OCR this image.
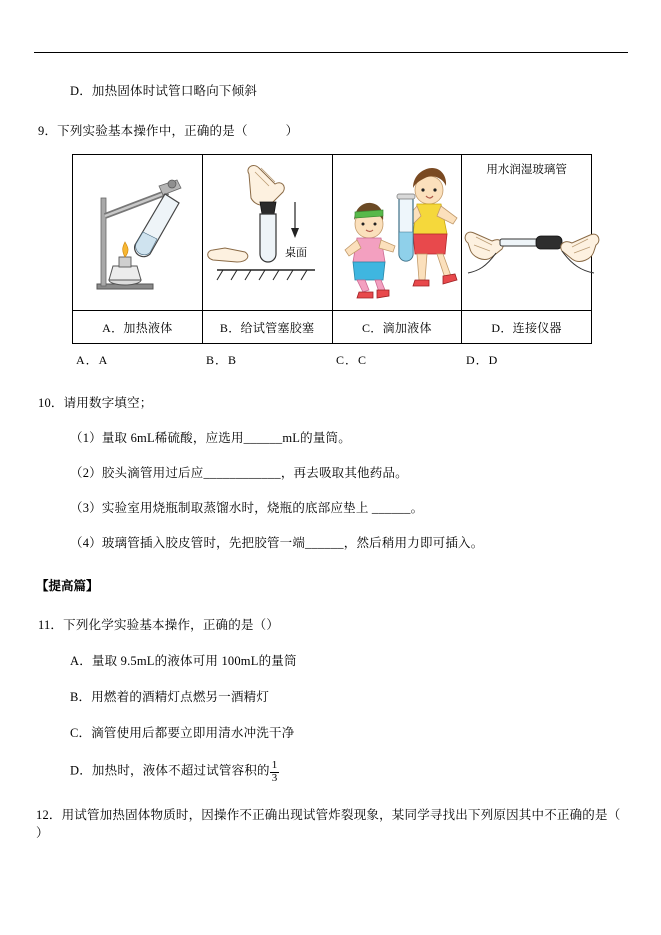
D．加热固体时试管口略向下倾斜
9．下列实验基本操作中，正确的是（	）

桌面		用水润湿玻璃管

A．加热液体	B．给试管塞胶塞	C．滴加液体	D．连接仪器
A．A	B．B	C．C	D．D
10．请用数字填空；
（1）量取 6mL稀硫酸，应选用______mL的量筒。
（2）胶头滴管用过后应____________，再去吸取其他药品。
（3）实验室用烧瓶制取蒸馏水时，烧瓶的底部应垫上 ______。
（4）玻璃管插入胶皮管时，先把胶管一端______，然后稍用力即可插入。
【提高篇】
11．下列化学实验基本操作，正确的是（）
A．量取 9.5mL的液体可用 100mL的量筒
B．用燃着的酒精灯点燃另一酒精灯
C．滴管使用后都要立即用清水冲洗干净
D．加热时，液体不超过试管容积的 $\frac{1}{3}$
12．用试管加热固体物质时，因操作不正确出现试管炸裂现象，某同学寻找出下列原因其中不正确的是（ ）
